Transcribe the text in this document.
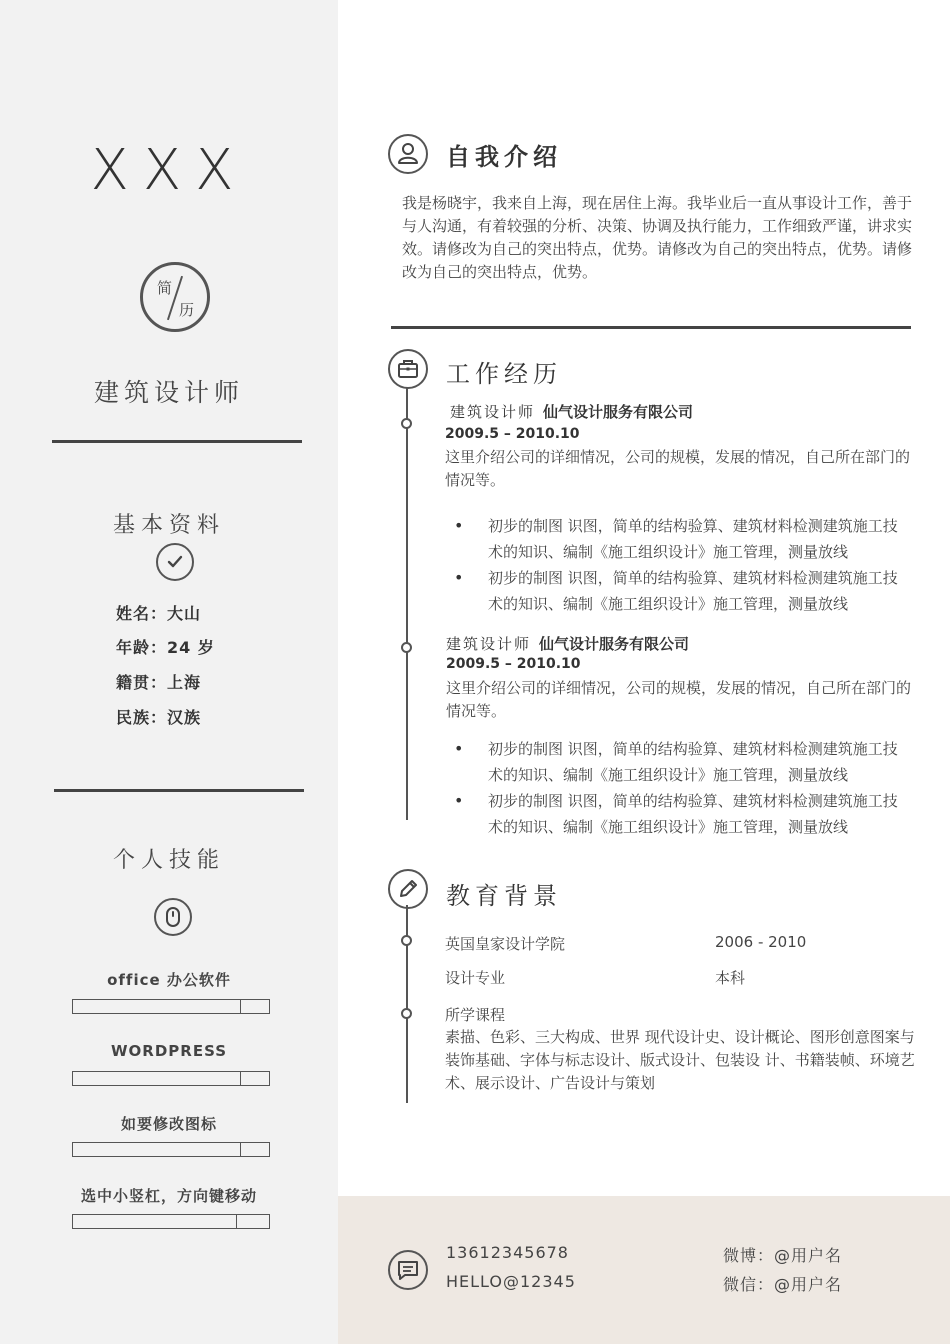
XXX
简
历
建筑设计师
基本资料
姓名：大山
年龄：24 岁
籍贯：上海
民族：汉族
个人技能
office 办公软件
WORDPRESS
如要修改图标
选中小竖杠，方向键移动
自我介绍
我是杨晓宇，我来自上海，现在居住上海。我毕业后一直从事设计工作，善于与人沟通，有着较强的分析、决策、协调及执行能力，工作细致严谨，讲求实效。请修改为自己的突出特点，优势。请修改为自己的突出特点，优势。请修改为自己的突出特点，优势。
工作经历
建筑设计师 仙气设计服务有限公司
2009.5 – 2010.10
这里介绍公司的详细情况，公司的规模，发展的情况，自己所在部门的情况等。
• 初步的制图 识图，简单的结构验算、建筑材料检测建筑施工技术的知识、编制《施工组织设计》施工管理，测量放线
• 初步的制图 识图，简单的结构验算、建筑材料检测建筑施工技术的知识、编制《施工组织设计》施工管理，测量放线
建筑设计师 仙气设计服务有限公司
2009.5 – 2010.10
这里介绍公司的详细情况，公司的规模，发展的情况，自己所在部门的情况等。
• 初步的制图 识图，简单的结构验算、建筑材料检测建筑施工技术的知识、编制《施工组织设计》施工管理，测量放线
• 初步的制图 识图，简单的结构验算、建筑材料检测建筑施工技术的知识、编制《施工组织设计》施工管理，测量放线
教育背景
英国皇家设计学院	2006 - 2010
设计专业	本科
所学课程
素描、色彩、三大构成、世界 现代设计史、设计概论、图形创意图案与装饰基础、字体与标志设计、版式设计、包装设 计、书籍装帧、环境艺术、展示设计、广告设计与策划
13612345678
HELLO@12345
微博：@用户名
微信：@用户名
